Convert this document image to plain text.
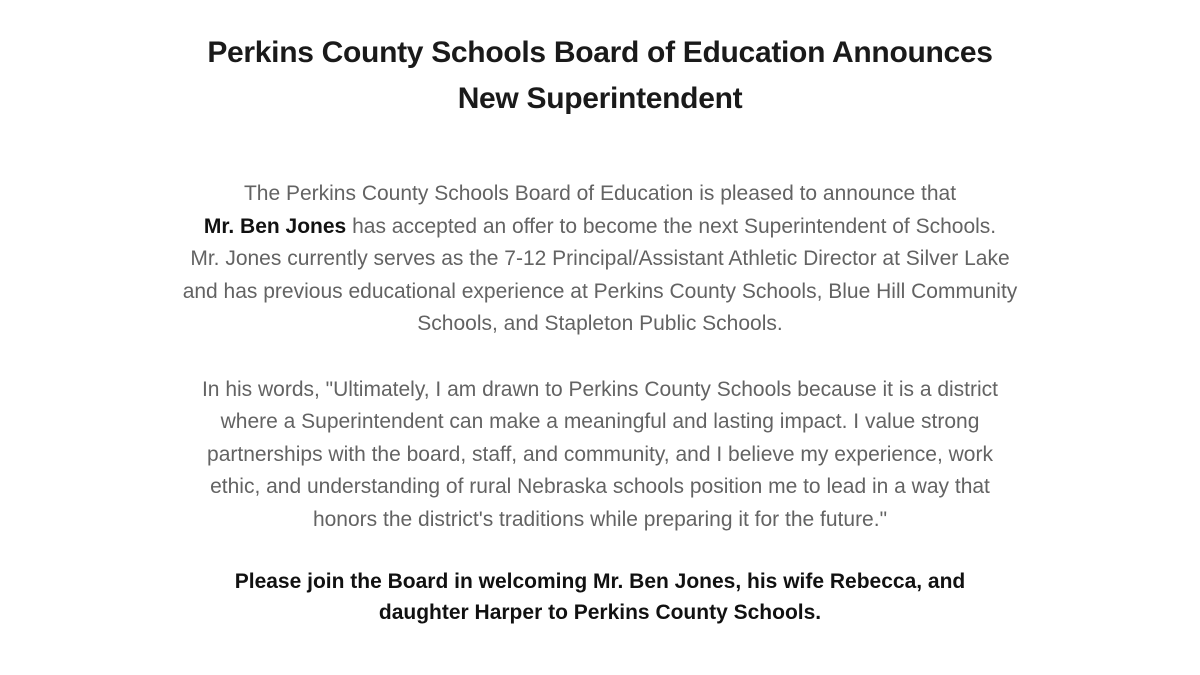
Perkins County Schools Board of Education Announces
New Superintendent

The Perkins County Schools Board of Education is pleased to announce that
Mr. Ben Jones has accepted an offer to become the next Superintendent of Schools.
Mr. Jones currently serves as the 7-12 Principal/Assistant Athletic Director at Silver Lake
and has previous educational experience at Perkins County Schools, Blue Hill Community
Schools, and Stapleton Public Schools.

In his words, "Ultimately, I am drawn to Perkins County Schools because it is a district
where a Superintendent can make a meaningful and lasting impact. I value strong
partnerships with the board, staff, and community, and I believe my experience, work
ethic, and understanding of rural Nebraska schools position me to lead in a way that
honors the district's traditions while preparing it for the future."

Please join the Board in welcoming Mr. Ben Jones, his wife Rebecca, and
daughter Harper to Perkins County Schools.
